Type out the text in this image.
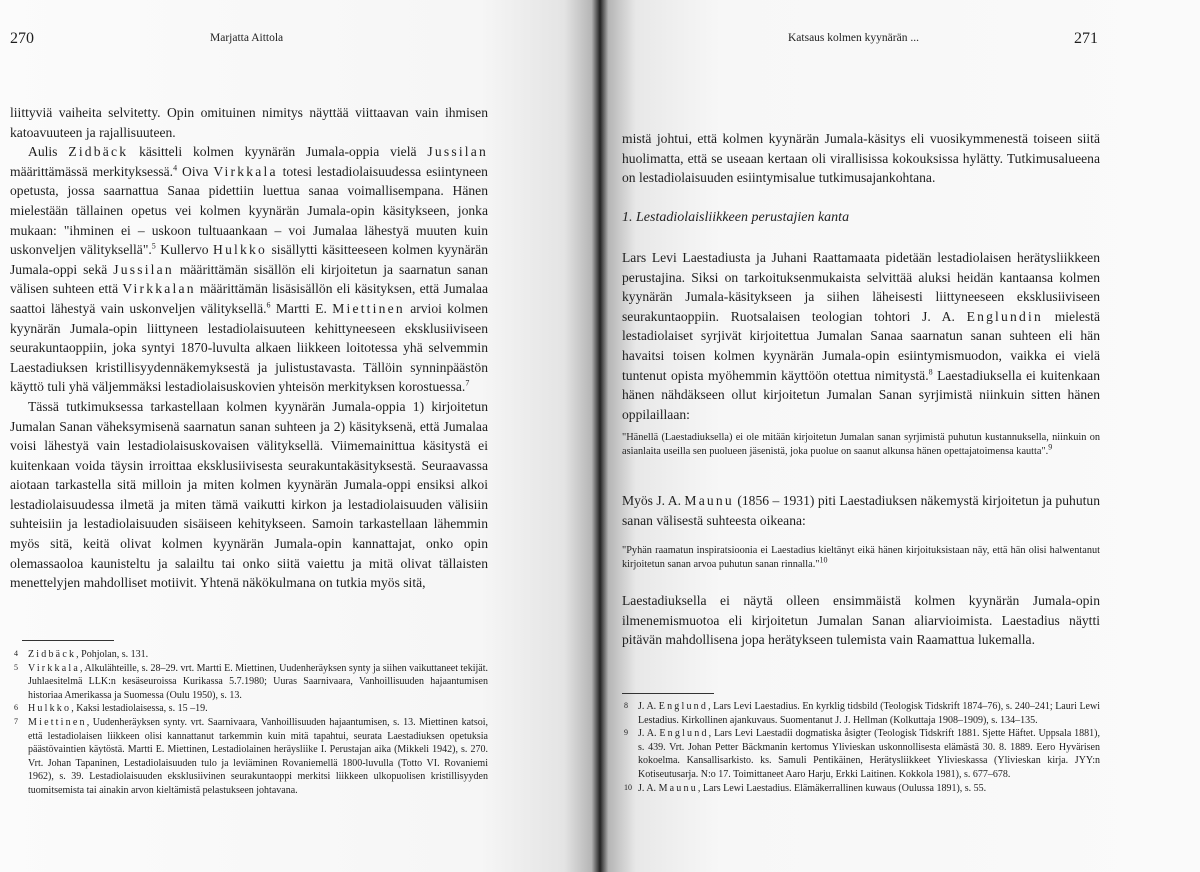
270	Marjatta Aittola

liittyviä vaiheita selvitetty. Opin omituinen nimitys näyttää viittaavan vain ihmisen katoavuuteen ja rajallisuuteen.

Aulis Zidbäck käsitteli kolmen kyynärän Jumala-oppia vielä Jussilan määrittämässä merkityksessä.$^4$ Oiva Virkkala totesi lestadiolaisuudessa esiintyneen opetusta, jossa saarnattua Sanaa pidettiin luettua sanaa voimallisempana. Hänen mielestään tällainen opetus vei kolmen kyynärän Jumala-opin käsitykseen, jonka mukaan: "ihminen ei – uskoon tultuaankaan – voi Jumalaa lähestyä muuten kuin uskonveljen välityksellä".$^5$ Kullervo Hulkko sisällytti käsitteeseen kolmen kyynärän Jumala-oppi sekä Jussilan määrittämän sisällön eli kirjoitetun ja saarnatun sanan välisen suhteen että Virkkalan määrittämän lisäsisällön eli käsityksen, että Jumalaa saattoi lähestyä vain uskonveljen välityksellä.$^6$ Martti E. Miettinen arvioi kolmen kyynärän Jumala-opin liittyneen lestadiolaisuuteen kehittyneeseen eksklusiiviseen seurakuntaoppiin, joka syntyi 1870-luvulta alkaen liikkeen loitotessa yhä selvemmin Laestadiuksen kristillisyydennäkemyksestä ja julistustavasta. Tällöin synninpäästön käyttö tuli yhä väljemmäksi lestadiolaisuskovien yhteisön merkityksen korostuessa.$^7$

Tässä tutkimuksessa tarkastellaan kolmen kyynärän Jumala-oppia 1) kirjoitetun Jumalan Sanan väheksymisenä saarnatun sanan suhteen ja 2) käsityksenä, että Jumalaa voisi lähestyä vain lestadiolaisuskovaisen välityksellä. Viimemainittua käsitystä ei kuitenkaan voida täysin irroittaa eksklusiivisesta seurakuntakäsityksestä. Seuraavassa aiotaan tarkastella sitä milloin ja miten kolmen kyynärän Jumala-oppi ensiksi alkoi lestadiolaisuudessa ilmetä ja miten tämä vaikutti kirkon ja lestadiolaisuuden välisiin suhteisiin ja lestadiolaisuuden sisäiseen kehitykseen. Samoin tarkastellaan lähemmin myös sitä, keitä olivat kolmen kyynärän Jumala-opin kannattajat, onko opin olemassaoloa kaunisteltu ja salailtu tai onko siitä vaiettu ja mitä olivat tällaisten menettelyjen mahdolliset motiivit. Yhtenä näkökulmana on tutkia myös sitä,

4 Zidbäck, Pohjolan, s. 131.
5 Virkkala, Alkulähteille, s. 28–29. vrt. Martti E. Miettinen, Uudenheräyksen synty ja siihen vaikuttaneet tekijät. Juhlaesitelmä LLK:n kesäseuroissa Kurikassa 5.7.1980; Uuras Saarnivaara, Vanhoillisuuden hajaantumisen historiaa Amerikassa ja Suomessa (Oulu 1950), s. 13.
6 Hulkko, Kaksi lestadiolaisessa, s. 15 –19.
7 Miettinen, Uudenheräyksen synty. vrt. Saarnivaara, Vanhoillisuuden hajaantumisen, s. 13. Miettinen katsoi, että lestadiolaisen liikkeen olisi kannattanut tarkemmin kuin mitä tapahtui, seurata Laestadiuksen opetuksia päästövaintien käytöstä. Martti E. Miettinen, Lestadiolainen heräysliike I. Perustajan aika (Mikkeli 1942), s. 270. Vrt. Johan Tapaninen, Lestadiolaisuuden tulo ja leviäminen Rovaniemellä 1800-luvulla (Totto VI. Rovaniemi 1962), s. 39. Lestadiolaisuuden eksklusiivinen seurakuntaoppi merkitsi liikkeen ulkopuolisen kristillisyyden tuomitsemista tai ainakin arvon kieltämistä pelastukseen johtavana.
Katsaus kolmen kyynärän ...	271

mistä johtui, että kolmen kyynärän Jumala-käsitys eli vuosikymmenestä toiseen siitä huolimatta, että se useaan kertaan oli virallisissa kokouksissa hylätty. Tutkimusalueena on lestadiolaisuuden esiintymisalue tutkimusajankohtana.

1. Lestadiolaisliikkeen perustajien kanta

Lars Levi Laestadiusta ja Juhani Raattamaata pidetään lestadiolaisen herätysliikkeen perustajina. Siksi on tarkoituksenmukaista selvittää aluksi heidän kantaansa kolmen kyynärän Jumala-käsitykseen ja siihen läheisesti liittyneeseen eksklusiiviseen seurakuntaoppiin. Ruotsalaisen teologian tohtori J. A. Englundin mielestä lestadiolaiset syrjivät kirjoitettua Jumalan Sanaa saarnatun sanan suhteen eli hän havaitsi toisen kolmen kyynärän Jumala-opin esiintymismuodon, vaikka ei vielä tuntenut opista myöhemmin käyttöön otettua nimitystä.$^8$ Laestadiuksella ei kuitenkaan hänen nähdäkseen ollut kirjoitetun Jumalan Sanan syrjimistä niinkuin sitten hänen oppilaillaan:

"Hänellä (Laestadiuksella) ei ole mitään kirjoitetun Jumalan sanan syrjimistä puhutun kustannuksella, niinkuin on asianlaita useilla sen puolueen jäsenistä, joka puolue on saanut alkunsa hänen opettajatoimensa kautta".$^9$

Myös J. A. Maunu (1856 – 1931) piti Laestadiuksen näkemystä kirjoitetun ja puhutun sanan välisestä suhteesta oikeana:

"Pyhän raamatun inspiratsioonia ei Laestadius kieltänyt eikä hänen kirjoituksistaan näy, että hän olisi halwentanut kirjoitetun sanan arvoa puhutun sanan rinnalla."$^{10}$

Laestadiuksella ei näytä olleen ensimmäistä kolmen kyynärän Jumala-opin ilmenemismuotoa eli kirjoitetun Jumalan Sanan aliarvioimista. Laestadius näytti pitävän mahdollisena jopa herätykseen tulemista vain Raamattua lukemalla.

8 J. A. Englund, Lars Levi Laestadius. En kyrklig tidsbild (Teologisk Tidskrift 1874–76), s. 240–241; Lauri Lewi Lestadius. Kirkollinen ajankuvaus. Suomentanut J. J. Hellman (Kolkuttaja 1908–1909), s. 134–135.
9 J. A. Englund, Lars Levi Laestadii dogmatiska åsigter (Teologisk Tidskrift 1881. Sjette Häftet. Uppsala 1881), s. 439. Vrt. Johan Petter Bäckmanin kertomus Ylivieskan uskonnollisesta elämästä 30. 8. 1889. Eero Hyvärisen kokoelma. Kansallisarkisto. ks. Samuli Pentikäinen, Herätysliikkeet Ylivieskassa (Ylivieskan kirja. JYY:n Kotiseutusarja. N:o 17. Toimittaneet Aaro Harju, Erkki Laitinen. Kokkola 1981), s. 677–678.
10 J. A. Maunu, Lars Lewi Laestadius. Elämäkerrallinen kuwaus (Oulussa 1891), s. 55.
